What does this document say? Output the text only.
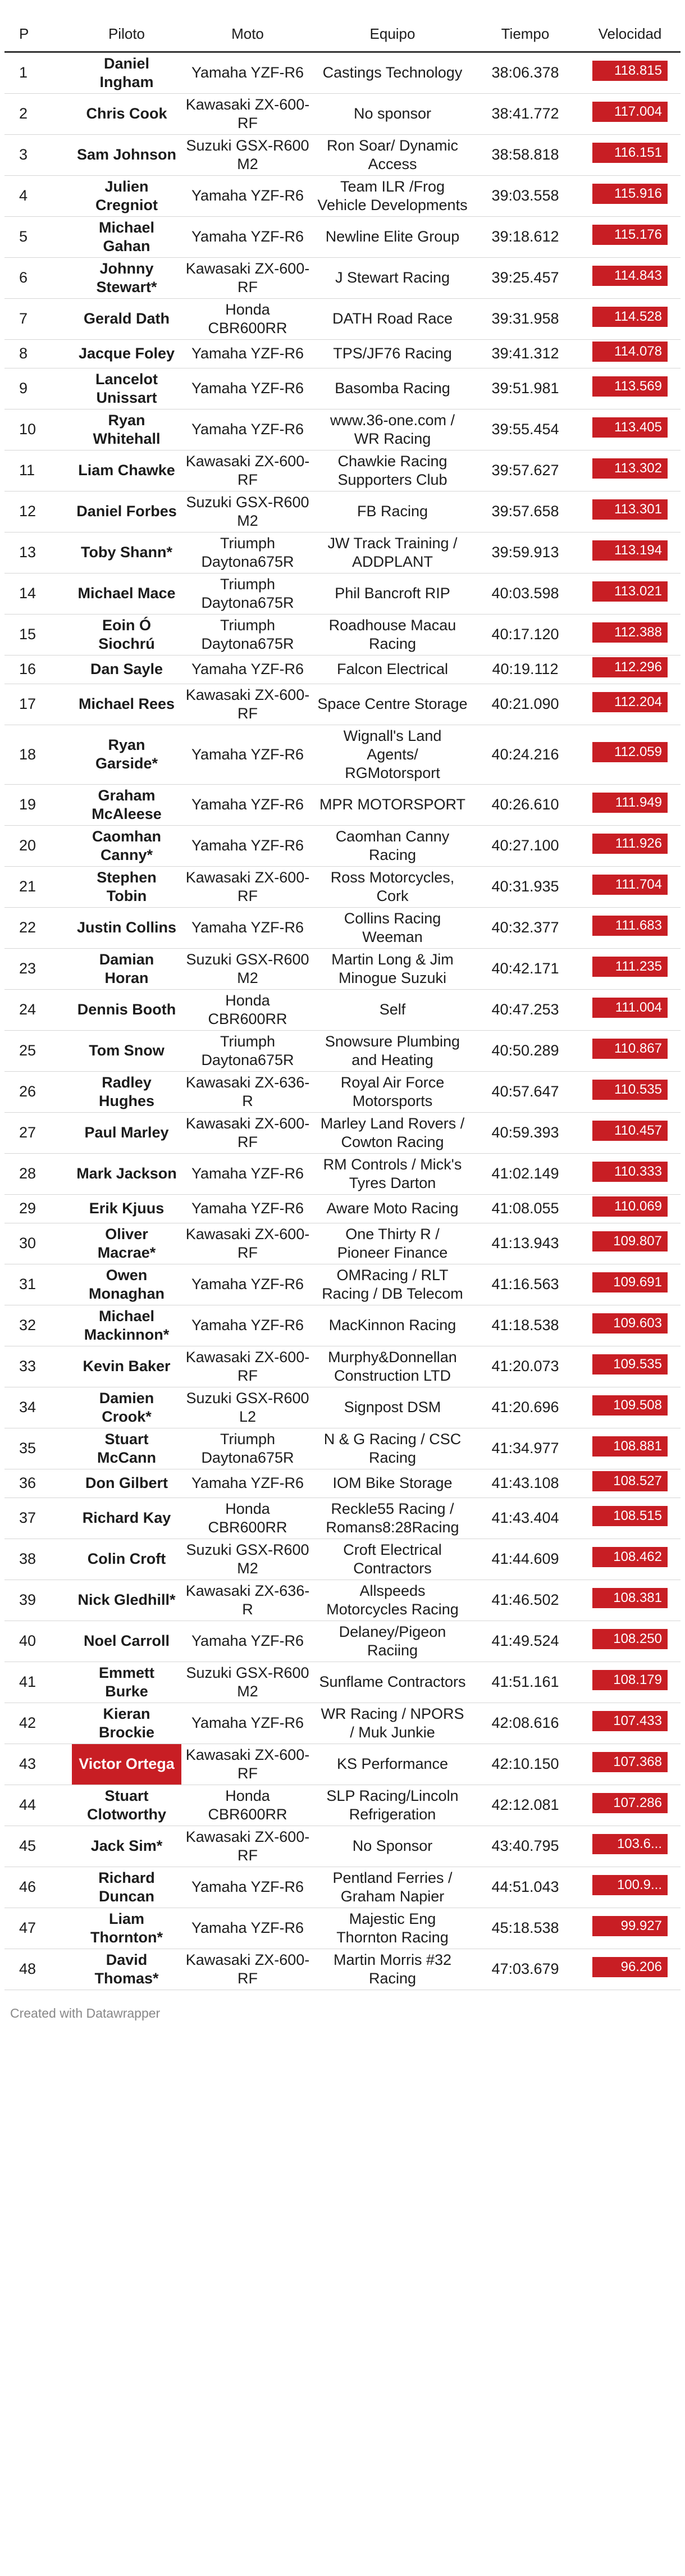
P	Piloto	Moto	Equipo	Tiempo	Velocidad
1	Daniel Ingham	Yamaha YZF-R6	Castings Technology	38:06.378	118.815
2	Chris Cook	Kawasaki ZX-600-RF	No sponsor	38:41.772	117.004
3	Sam Johnson	Suzuki GSX-R600 M2	Ron Soar/ Dynamic Access	38:58.818	116.151
4	Julien Cregniot	Yamaha YZF-R6	Team ILR /Frog Vehicle Developments	39:03.558	115.916
5	Michael Gahan	Yamaha YZF-R6	Newline Elite Group	39:18.612	115.176
6	Johnny Stewart*	Kawasaki ZX-600-RF	J Stewart Racing	39:25.457	114.843
7	Gerald Dath	Honda CBR600RR	DATH Road Race	39:31.958	114.528
8	Jacque Foley	Yamaha YZF-R6	TPS/JF76 Racing	39:41.312	114.078
9	Lancelot Unissart	Yamaha YZF-R6	Basomba Racing	39:51.981	113.569
10	Ryan Whitehall	Yamaha YZF-R6	www.36-one.com / WR Racing	39:55.454	113.405
11	Liam Chawke	Kawasaki ZX-600-RF	Chawkie Racing Supporters Club	39:57.627	113.302
12	Daniel Forbes	Suzuki GSX-R600 M2	FB Racing	39:57.658	113.301
13	Toby Shann*	Triumph Daytona675R	JW Track Training / ADDPLANT	39:59.913	113.194
14	Michael Mace	Triumph Daytona675R	Phil Bancroft RIP	40:03.598	113.021
15	Eoin Ó Siochrú	Triumph Daytona675R	Roadhouse Macau Racing	40:17.120	112.388
16	Dan Sayle	Yamaha YZF-R6	Falcon Electrical	40:19.112	112.296
17	Michael Rees	Kawasaki ZX-600-RF	Space Centre Storage	40:21.090	112.204
18	Ryan Garside*	Yamaha YZF-R6	Wignall's Land Agents/ RGMotorsport	40:24.216	112.059
19	Graham McAleese	Yamaha YZF-R6	MPR MOTORSPORT	40:26.610	111.949
20	Caomhan Canny*	Yamaha YZF-R6	Caomhan Canny Racing	40:27.100	111.926
21	Stephen Tobin	Kawasaki ZX-600-RF	Ross Motorcycles, Cork	40:31.935	111.704
22	Justin Collins	Yamaha YZF-R6	Collins Racing Weeman	40:32.377	111.683
23	Damian Horan	Suzuki GSX-R600 M2	Martin Long & Jim Minogue Suzuki	40:42.171	111.235
24	Dennis Booth	Honda CBR600RR	Self	40:47.253	111.004
25	Tom Snow	Triumph Daytona675R	Snowsure Plumbing and Heating	40:50.289	110.867
26	Radley Hughes	Kawasaki ZX-636-R	Royal Air Force Motorsports	40:57.647	110.535
27	Paul Marley	Kawasaki ZX-600-RF	Marley Land Rovers / Cowton Racing	40:59.393	110.457
28	Mark Jackson	Yamaha YZF-R6	RM Controls / Mick's Tyres Darton	41:02.149	110.333
29	Erik Kjuus	Yamaha YZF-R6	Aware Moto Racing	41:08.055	110.069
30	Oliver Macrae*	Kawasaki ZX-600-RF	One Thirty R / Pioneer Finance	41:13.943	109.807
31	Owen Monaghan	Yamaha YZF-R6	OMRacing / RLT Racing / DB Telecom	41:16.563	109.691
32	Michael Mackinnon*	Yamaha YZF-R6	MacKinnon Racing	41:18.538	109.603
33	Kevin Baker	Kawasaki ZX-600-RF	Murphy&Donnellan Construction LTD	41:20.073	109.535
34	Damien Crook*	Suzuki GSX-R600 L2	Signpost DSM	41:20.696	109.508
35	Stuart McCann	Triumph Daytona675R	N & G Racing / CSC Racing	41:34.977	108.881
36	Don Gilbert	Yamaha YZF-R6	IOM Bike Storage	41:43.108	108.527
37	Richard Kay	Honda CBR600RR	Reckle55 Racing / Romans8:28Racing	41:43.404	108.515
38	Colin Croft	Suzuki GSX-R600 M2	Croft Electrical Contractors	41:44.609	108.462
39	Nick Gledhill*	Kawasaki ZX-636-R	Allspeeds Motorcycles Racing	41:46.502	108.381
40	Noel Carroll	Yamaha YZF-R6	Delaney/Pigeon Raciing	41:49.524	108.250
41	Emmett Burke	Suzuki GSX-R600 M2	Sunflame Contractors	41:51.161	108.179
42	Kieran Brockie	Yamaha YZF-R6	WR Racing / NPORS / Muk Junkie	42:08.616	107.433
43	Victor Ortega	Kawasaki ZX-600-RF	KS Performance	42:10.150	107.368
44	Stuart Clotworthy	Honda CBR600RR	SLP Racing/Lincoln Refrigeration	42:12.081	107.286
45	Jack Sim*	Kawasaki ZX-600-RF	No Sponsor	43:40.795	103.6...
46	Richard Duncan	Yamaha YZF-R6	Pentland Ferries / Graham Napier	44:51.043	100.9...
47	Liam Thornton*	Yamaha YZF-R6	Majestic Eng Thornton Racing	45:18.538	99.927
48	David Thomas*	Kawasaki ZX-600-RF	Martin Morris #32 Racing	47:03.679	96.206
Created with Datawrapper
